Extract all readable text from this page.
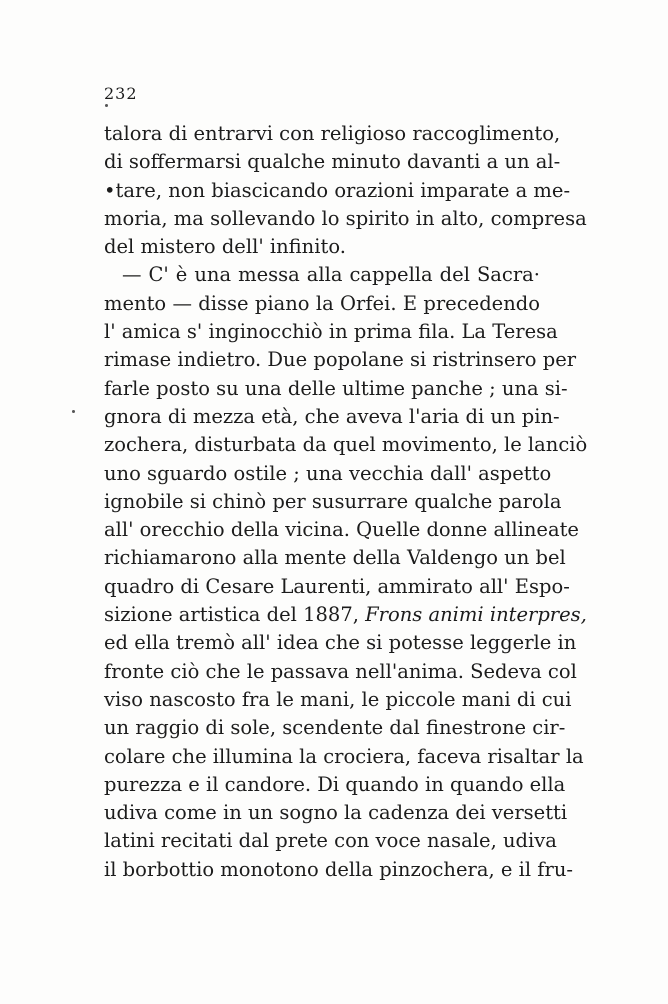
232
talora di entrarvi con religioso raccoglimento,
di soffermarsi qualche minuto davanti a un al-
•tare, non biascicando orazioni imparate a me-
moria, ma sollevando lo spirito in alto, compresa
del mistero dell' infinito.
— C' è una messa alla cappella del Sacra·
mento — disse piano la Orfei. E precedendo
l' amica s' inginocchiò in prima fila. La Teresa
rimase indietro. Due popolane si ristrinsero per
farle posto su una delle ultime panche ; una si-
gnora di mezza età, che aveva l'aria di un pin-
zochera, disturbata da quel movimento, le lanciò
uno sguardo ostile ; una vecchia dall' aspetto
ignobile si chinò per susurrare qualche parola
all' orecchio della vicina. Quelle donne allineate
richiamarono alla mente della Valdengo un bel
quadro di Cesare Laurenti, ammirato all' Espo-
sizione artistica del 1887, Frons animi interpres,
ed ella tremò all' idea che si potesse leggerle in
fronte ciò che le passava nell'anima. Sedeva col
viso nascosto fra le mani, le piccole mani di cui
un raggio di sole, scendente dal finestrone cir-
colare che illumina la crociera, faceva risaltar la
purezza e il candore. Di quando in quando ella
udiva come in un sogno la cadenza dei versetti
latini recitati dal prete con voce nasale, udiva
il borbottio monotono della pinzochera, e il fru-
